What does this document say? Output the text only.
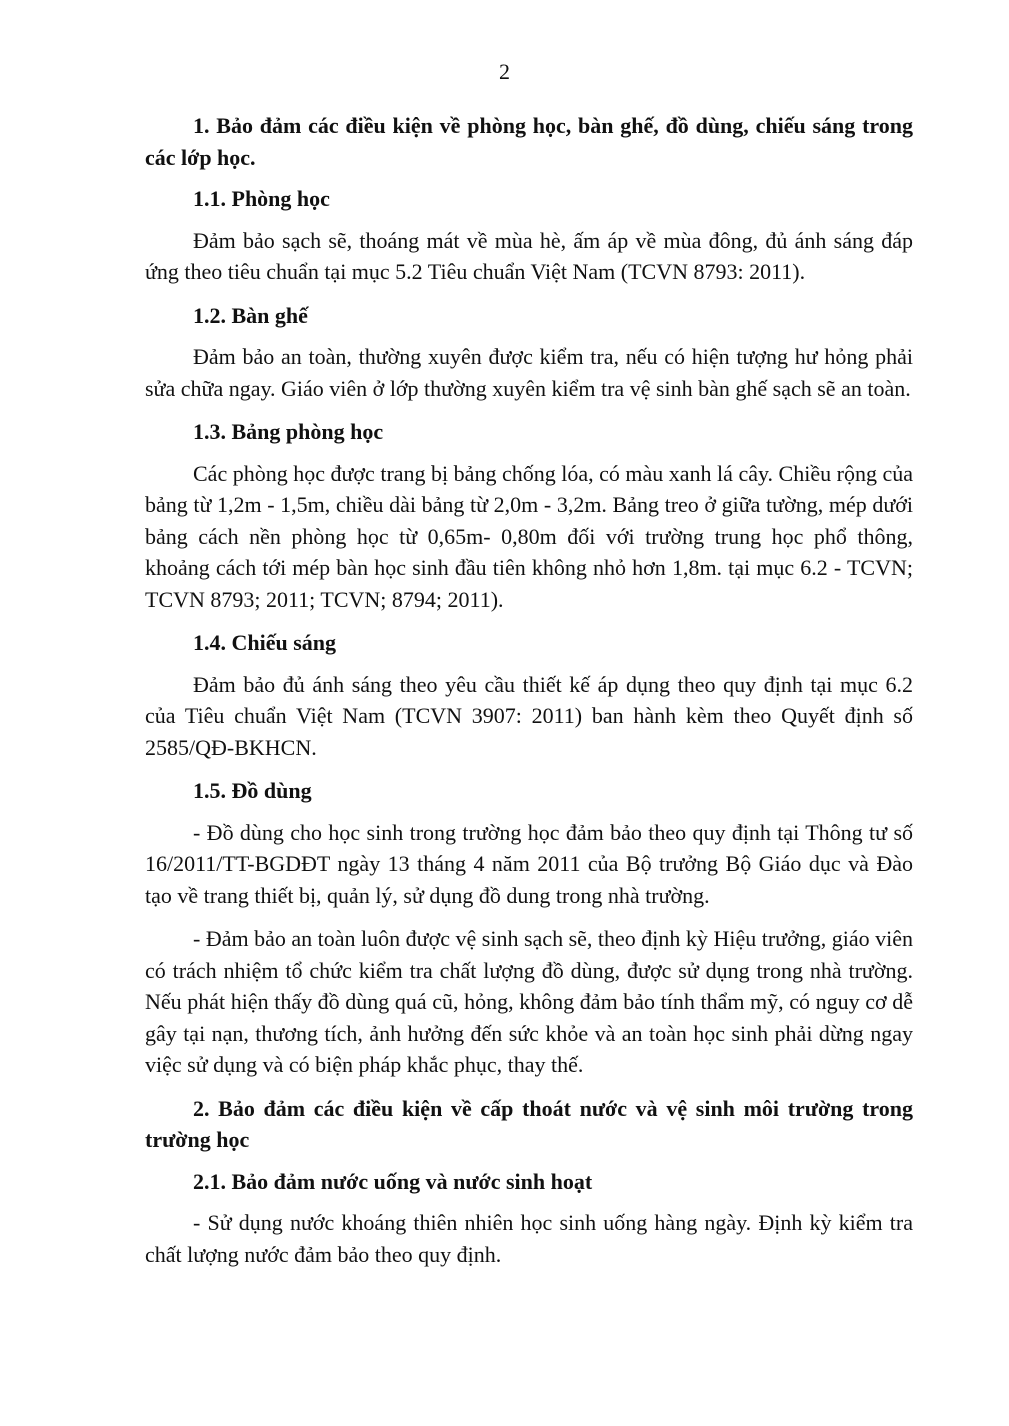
2

1. Bảo đảm các điều kiện về phòng học, bàn ghế, đồ dùng, chiếu sáng trong các lớp học.

1.1. Phòng học

Đảm bảo sạch sẽ, thoáng mát về mùa hè, ấm áp về mùa đông, đủ ánh sáng đáp ứng theo tiêu chuẩn tại mục 5.2 Tiêu chuẩn Việt Nam (TCVN 8793: 2011).

1.2. Bàn ghế

Đảm bảo an toàn, thường xuyên được kiểm tra, nếu có hiện tượng hư hỏng phải sửa chữa ngay. Giáo viên ở lớp thường xuyên kiểm tra vệ sinh bàn ghế sạch sẽ an toàn.

1.3. Bảng phòng học

Các phòng học được trang bị bảng chống lóa, có màu xanh lá cây. Chiều rộng của bảng từ 1,2m - 1,5m, chiều dài bảng từ 2,0m - 3,2m. Bảng treo ở giữa tường, mép dưới bảng cách nền phòng học từ 0,65m- 0,80m đối với trường trung học phổ thông, khoảng cách tới mép bàn học sinh đầu tiên không nhỏ hơn 1,8m. tại mục 6.2 - TCVN; TCVN 8793; 2011; TCVN; 8794; 2011).

1.4. Chiếu sáng

Đảm bảo đủ ánh sáng theo yêu cầu thiết kế áp dụng theo quy định tại mục 6.2 của Tiêu chuẩn Việt Nam (TCVN 3907: 2011) ban hành kèm theo Quyết định số 2585/QĐ-BKHCN.

1.5. Đồ dùng

- Đồ dùng cho học sinh trong trường học đảm bảo theo quy định tại Thông tư số 16/2011/TT-BGDĐT ngày 13 tháng 4 năm 2011 của Bộ trưởng Bộ Giáo dục và Đào tạo về trang thiết bị, quản lý, sử dụng đồ dung trong nhà trường.

- Đảm bảo an toàn luôn được vệ sinh sạch sẽ, theo định kỳ Hiệu trưởng, giáo viên có trách nhiệm tổ chức kiểm tra chất lượng đồ dùng, được sử dụng trong nhà trường. Nếu phát hiện thấy đồ dùng quá cũ, hỏng, không đảm bảo tính thẩm mỹ, có nguy cơ dễ gây tại nạn, thương tích, ảnh hưởng đến sức khỏe và an toàn học sinh phải dừng ngay việc sử dụng và có biện pháp khắc phục, thay thế.

2. Bảo đảm các điều kiện về cấp thoát nước và vệ sinh môi trường trong trường học

2.1. Bảo đảm nước uống và nước sinh hoạt

- Sử dụng nước khoáng thiên nhiên học sinh uống hàng ngày. Định kỳ kiểm tra chất lượng nước đảm bảo theo quy định.
